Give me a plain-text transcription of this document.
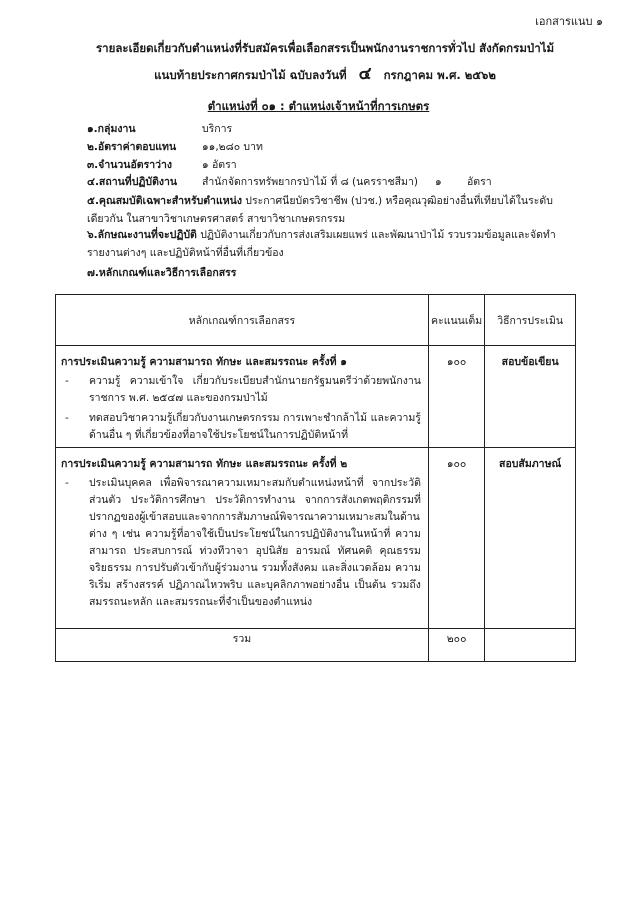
เอกสารแนบ ๑
รายละเอียดเกี่ยวกับตำแหน่งที่รับสมัครเพื่อเลือกสรรเป็นพนักงานราชการทั่วไป สังกัดกรมป่าไม้
แนบท้ายประกาศกรมป่าไม้ ฉบับลงวันที่ ๔ กรกฎาคม พ.ศ. ๒๕๖๒
ตำแหน่งที่ ๐๑ : ตำแหน่งเจ้าหน้าที่การเกษตร
๑.กลุ่มงาน	บริการ
๒.อัตราค่าตอบแทน ๑๑,๒๘๐ บาท
๓.จำนวนอัตราว่าง	๑ อัตรา
๔.สถานที่ปฏิบัติงาน สำนักจัดการทรัพยากรป่าไม้ ที่ ๘ (นครราชสีมา) ๑ อัตรา
๕.คุณสมบัติเฉพาะสำหรับตำแหน่ง ประกาศนียบัตรวิชาชีพ (ปวช.) หรือคุณวุฒิอย่างอื่นที่เทียบได้ในระดับ
เดียวกัน ในสาขาวิชาเกษตรศาสตร์ สาขาวิชาเกษตรกรรม
๖.ลักษณะงานที่จะปฏิบัติ ปฏิบัติงานเกี่ยวกับการส่งเสริมเผยแพร่ และพัฒนาป่าไม้ รวบรวมข้อมูลและจัดทำ
รายงานต่างๆ และปฏิบัติหน้าที่อื่นที่เกี่ยวข้อง
๗.หลักเกณฑ์และวิธีการเลือกสรร
หลักเกณฑ์การเลือกสรร	คะแนนเต็ม	วิธีการประเมิน

การประเมินความรู้ ความสามารถ ทักษะ และสมรรถนะ ครั้งที่ ๑
- ความรู้ ความเข้าใจ เกี่ยวกับระเบียบสำนักนายกรัฐมนตรีว่าด้วยพนักงานราชการ พ.ศ. ๒๕๔๗ และของกรมป่าไม้
- ทดสอบวิชาความรู้เกี่ยวกับงานเกษตรกรรม การเพาะชำกล้าไม้ และความรู้ด้านอื่น ๆ ที่เกี่ยวข้องที่อาจใช้ประโยชน์ในการปฏิบัติหน้าที่	๑๐๐	สอบข้อเขียน

การประเมินความรู้ ความสามารถ ทักษะ และสมรรถนะ ครั้งที่ ๒
- ประเมินบุคคล เพื่อพิจารณาความเหมาะสมกับตำแหน่งหน้าที่ จากประวัติส่วนตัว ประวัติการศึกษา ประวัติการทำงาน จากการสังเกตพฤติกรรมที่ปรากฏของผู้เข้าสอบและจากการสัมภาษณ์พิจารณาความเหมาะสมในด้านต่าง ๆ เช่น ความรู้ที่อาจใช้เป็นประโยชน์ในการปฏิบัติงานในหน้าที่ ความสามารถ ประสบการณ์ ท่วงทีวาจา อุปนิสัย อารมณ์ ทัศนคติ คุณธรรม จริยธรรม การปรับตัวเข้ากับผู้ร่วมงาน รวมทั้งสังคม และสิ่งแวดล้อม ความริเริ่ม สร้างสรรค์ ปฏิภาณไหวพริบ และบุคลิกภาพอย่างอื่น เป็นต้น รวมถึงสมรรถนะหลัก และสมรรถนะที่จำเป็นของตำแหน่ง	๑๐๐	สอบสัมภาษณ์
รวม	๒๐๐	
